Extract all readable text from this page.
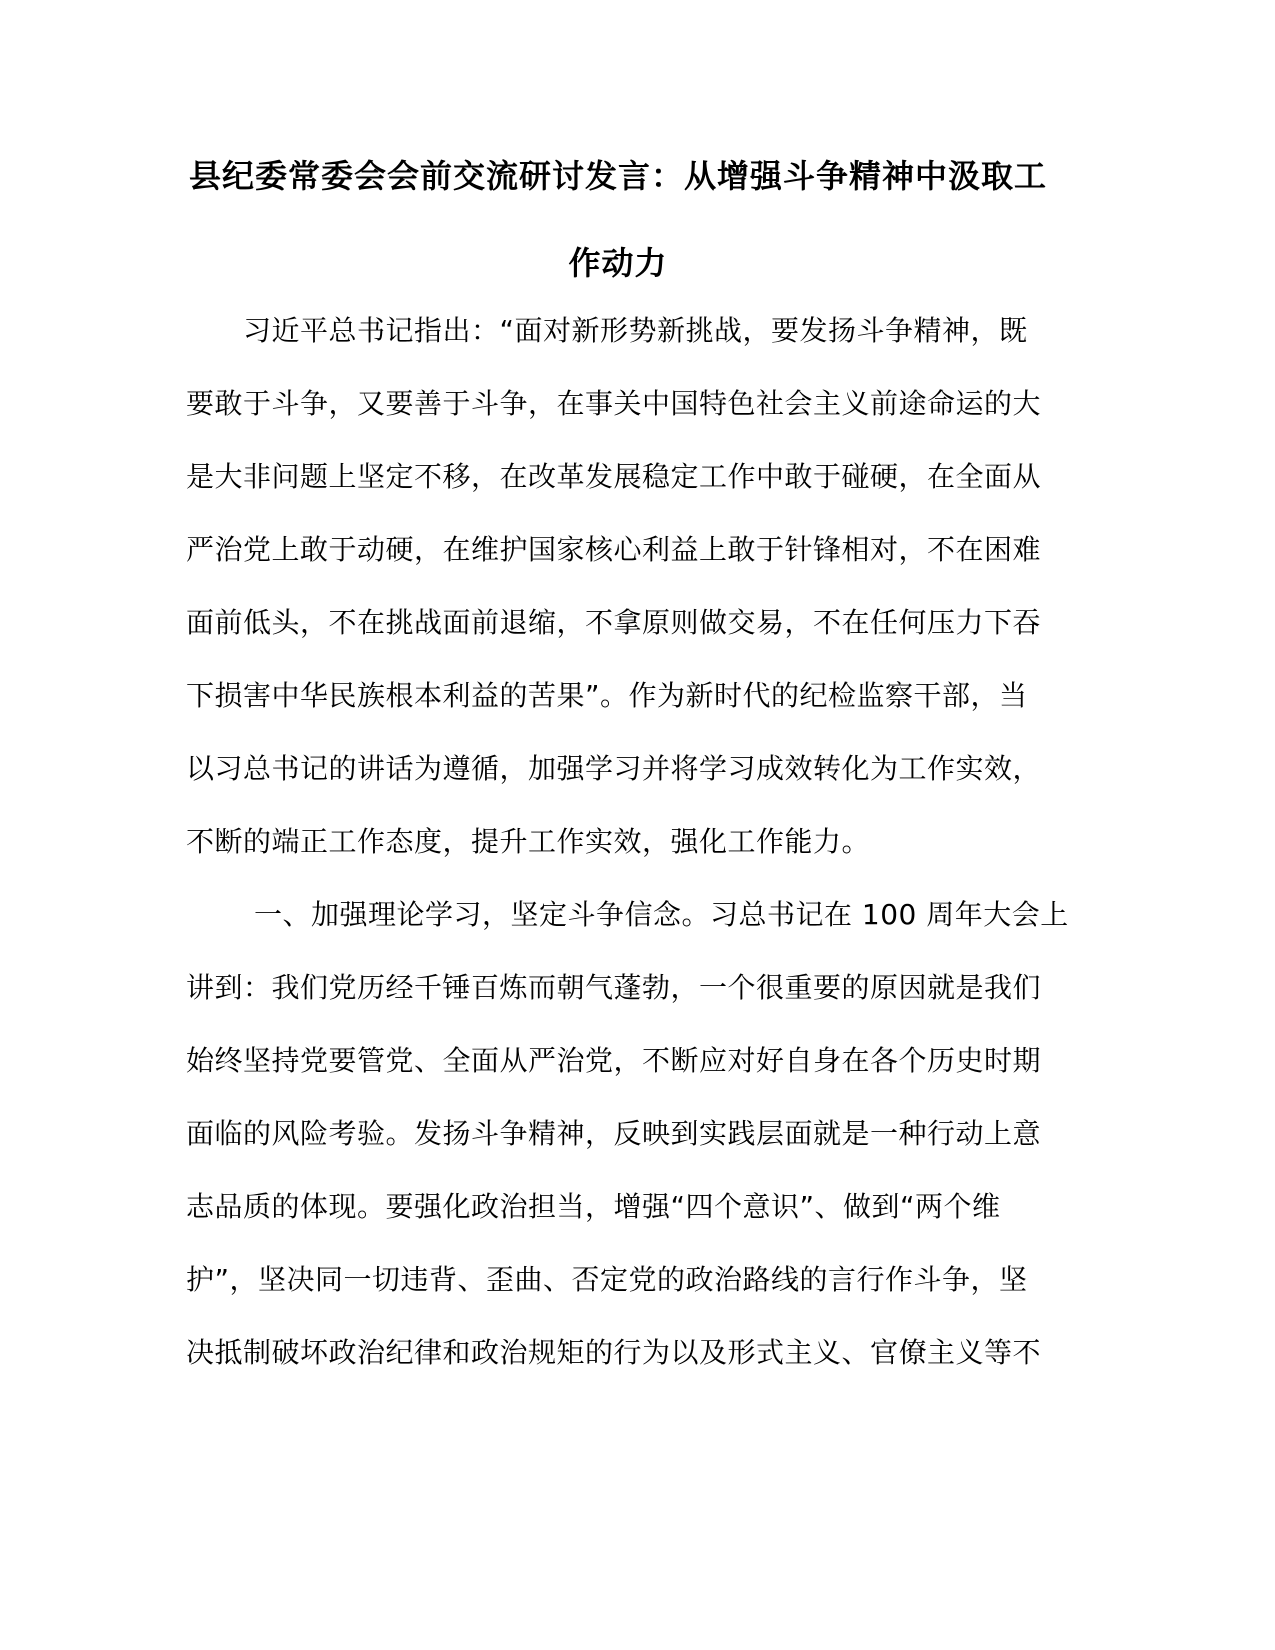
县纪委常委会会前交流研讨发言：从增强斗争精神中汲取工
作动力
习近平总书记指出：“面对新形势新挑战，要发扬斗争精神，既
要敢于斗争，又要善于斗争，在事关中国特色社会主义前途命运的大
是大非问题上坚定不移，在改革发展稳定工作中敢于碰硬，在全面从
严治党上敢于动硬，在维护国家核心利益上敢于针锋相对，不在困难
面前低头，不在挑战面前退缩，不拿原则做交易，不在任何压力下吞
下损害中华民族根本利益的苦果”。作为新时代的纪检监察干部，当
以习总书记的讲话为遵循，加强学习并将学习成效转化为工作实效，
不断的端正工作态度，提升工作实效，强化工作能力。
一、加强理论学习，坚定斗争信念。习总书记在 100 周年大会上
讲到：我们党历经千锤百炼而朝气蓬勃，一个很重要的原因就是我们
始终坚持党要管党、全面从严治党，不断应对好自身在各个历史时期
面临的风险考验。发扬斗争精神，反映到实践层面就是一种行动上意
志品质的体现。要强化政治担当，增强“四个意识”、做到“两个维
护”，坚决同一切违背、歪曲、否定党的政治路线的言行作斗争，坚
决抵制破坏政治纪律和政治规矩的行为以及形式主义、官僚主义等不
